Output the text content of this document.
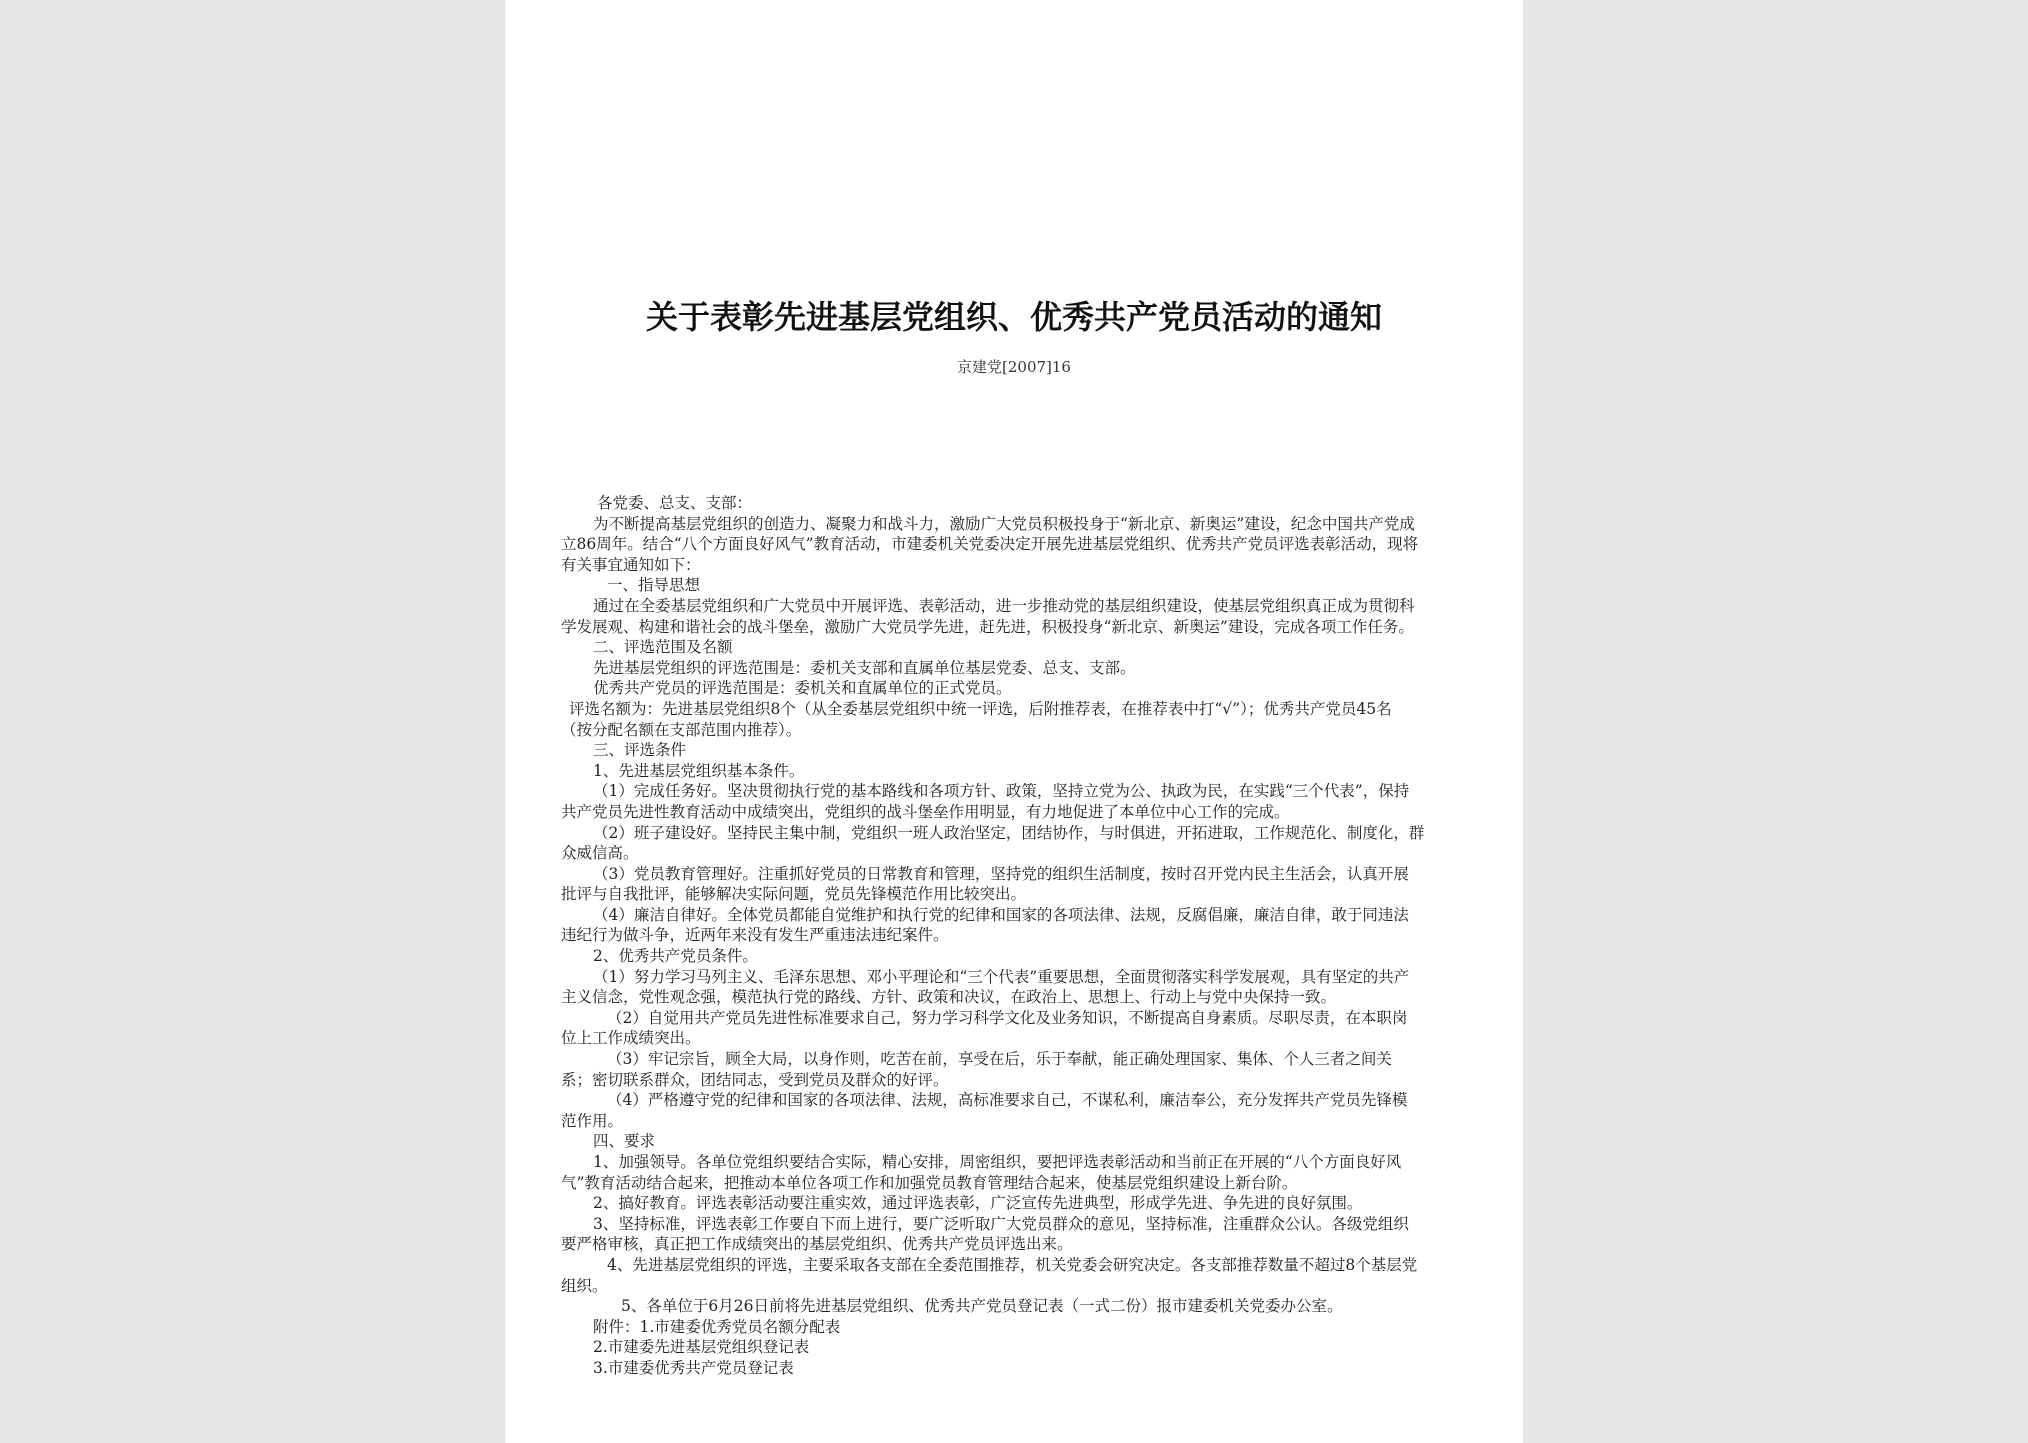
关于表彰先进基层党组织、优秀共产党员活动的通知
京建党[2007]16
各党委、总支、支部：
为不断提高基层党组织的创造力、凝聚力和战斗力，激励广大党员积极投身于“新北京、新奥运”建设，纪念中国共产党成
立86周年。结合“八个方面良好风气”教育活动，市建委机关党委决定开展先进基层党组织、优秀共产党员评选表彰活动，现将
有关事宜通知如下：
一、指导思想
通过在全委基层党组织和广大党员中开展评选、表彰活动，进一步推动党的基层组织建设，使基层党组织真正成为贯彻科
学发展观、构建和谐社会的战斗堡垒，激励广大党员学先进，赶先进，积极投身“新北京、新奥运”建设，完成各项工作任务。
二、评选范围及名额
先进基层党组织的评选范围是：委机关支部和直属单位基层党委、总支、支部。
优秀共产党员的评选范围是：委机关和直属单位的正式党员。
评选名额为：先进基层党组织8个（从全委基层党组织中统一评选，后附推荐表，在推荐表中打“√”）；优秀共产党员45名
（按分配名额在支部范围内推荐）。
三、评选条件
1、先进基层党组织基本条件。
（1）完成任务好。坚决贯彻执行党的基本路线和各项方针、政策，坚持立党为公、执政为民，在实践“三个代表”，保持
共产党员先进性教育活动中成绩突出，党组织的战斗堡垒作用明显，有力地促进了本单位中心工作的完成。
（2）班子建设好。坚持民主集中制，党组织一班人政治坚定，团结协作，与时俱进，开拓进取，工作规范化、制度化，群
众威信高。
（3）党员教育管理好。注重抓好党员的日常教育和管理，坚持党的组织生活制度，按时召开党内民主生活会，认真开展
批评与自我批评，能够解决实际问题，党员先锋模范作用比较突出。
（4）廉洁自律好。全体党员都能自觉维护和执行党的纪律和国家的各项法律、法规，反腐倡廉，廉洁自律，敢于同违法
违纪行为做斗争，近两年来没有发生严重违法违纪案件。
2、优秀共产党员条件。
（1）努力学习马列主义、毛泽东思想、邓小平理论和“三个代表”重要思想，全面贯彻落实科学发展观，具有坚定的共产
主义信念，党性观念强，模范执行党的路线、方针、政策和决议，在政治上、思想上、行动上与党中央保持一致。
（2）自觉用共产党员先进性标准要求自己，努力学习科学文化及业务知识，不断提高自身素质。尽职尽责，在本职岗
位上工作成绩突出。
（3）牢记宗旨，顾全大局，以身作则，吃苦在前，享受在后，乐于奉献，能正确处理国家、集体、个人三者之间关
系；密切联系群众，团结同志，受到党员及群众的好评。
（4）严格遵守党的纪律和国家的各项法律、法规，高标准要求自己，不谋私利，廉洁奉公，充分发挥共产党员先锋模
范作用。
四、要求
1、加强领导。各单位党组织要结合实际，精心安排，周密组织，要把评选表彰活动和当前正在开展的“八个方面良好风
气”教育活动结合起来，把推动本单位各项工作和加强党员教育管理结合起来，使基层党组织建设上新台阶。
2、搞好教育。评选表彰活动要注重实效，通过评选表彰，广泛宣传先进典型，形成学先进、争先进的良好氛围。
3、坚持标准，评选表彰工作要自下而上进行，要广泛听取广大党员群众的意见，坚持标准，注重群众公认。各级党组织
要严格审核，真正把工作成绩突出的基层党组织、优秀共产党员评选出来。
4、先进基层党组织的评选，主要采取各支部在全委范围推荐，机关党委会研究决定。各支部推荐数量不超过8个基层党
组织。
5、各单位于6月26日前将先进基层党组织、优秀共产党员登记表（一式二份）报市建委机关党委办公室。
附件：1.市建委优秀党员名额分配表
2.市建委先进基层党组织登记表
3.市建委优秀共产党员登记表
